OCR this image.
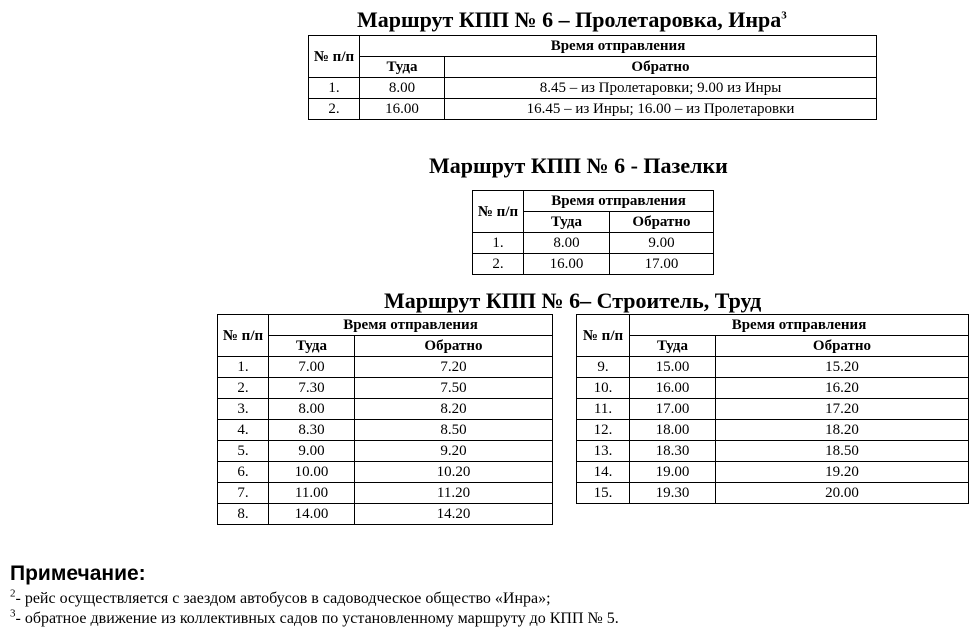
Маршрут КПП № 6 – Пролетаровка, Инра$^3$
№ п/п	Время отправления	
	Туда	Обратно
1.	8.00	8.45 – из Пролетаровки; 9.00 из Инры
2.	16.00	16.45 – из Инры; 16.00 – из Пролетаровки
Маршрут КПП № 6 - Пазелки
№ п/п	Время отправления	
	Туда	Обратно
1.	8.00	9.00
2.	16.00	17.00
Маршрут КПП № 6– Строитель, Труд
№ п/п	Время отправления	
	Туда	Обратно
1.	7.00	7.20
2.	7.30	7.50
3.	8.00	8.20
4.	8.30	8.50
5.	9.00	9.20
6.	10.00	10.20
7.	11.00	11.20
8.	14.00	14.20
№ п/п	Время отправления	
	Туда	Обратно
9.	15.00	15.20
10.	16.00	16.20
11.	17.00	17.20
12.	18.00	18.20
13.	18.30	18.50
14.	19.00	19.20
15.	19.30	20.00
Примечание:
$^2$- рейс осуществляется с заездом автобусов в садоводческое общество «Инра»;
$^3$- обратное движение из коллективных садов по установленному маршруту до КПП № 5.
